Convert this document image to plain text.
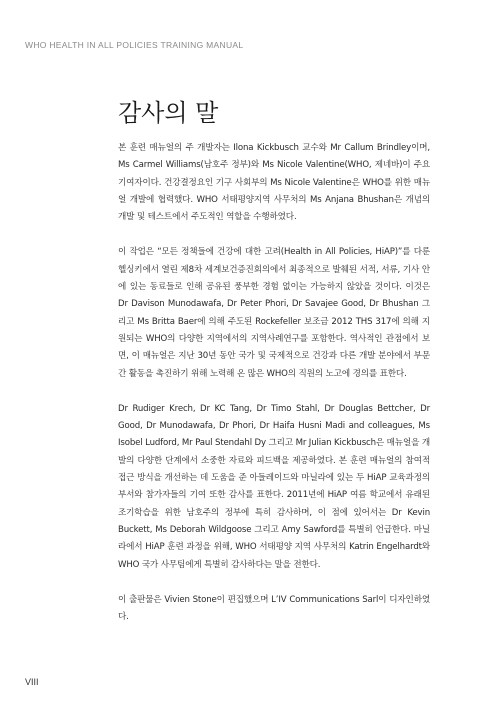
WHO HEALTH IN ALL POLICIES TRAINING MANUAL
감사의 말

본 훈련 매뉴얼의 주 개발자는 Ilona Kickbusch 교수와 Mr Callum Brindley이며, Ms Carmel Williams(남호주 정부)와 Ms Nicole Valentine(WHO, 제네바)이 주요 기여자이다. 건강결정요인 기구 사회부의 Ms Nicole Valentine은 WHO를 위한 매뉴얼 개발에 협력했다. WHO 서태평양지역 사무처의 Ms Anjana Bhushan은 개념의 개발 및 테스트에서 주도적인 역할을 수행하였다.

이 작업은 “모든 정책들에 건강에 대한 고려(Health in All Policies, HiAP)”를 다룬 헬싱키에서 열린 제8차 세계보건증진회의에서 최종적으로 발췌된 서적, 서류, 기사 안에 있는 동료들로 인해 공유된 풍부한 경험 없이는 가능하지 않았을 것이다. 이것은 Dr Davison Munodawafa, Dr Peter Phori, Dr Savajee Good, Dr Bhushan 그리고 Ms Britta Baer에 의해 주도된 Rockefeller 보조금 2012 THS 317에 의해 지원되는 WHO의 다양한 지역에서의 지역사례연구를 포함한다. 역사적인 관점에서 보면, 이 매뉴얼은 지난 30년 동안 국가 및 국제적으로 건강과 다른 개발 분야에서 부문간 활동을 촉진하기 위해 노력해 온 많은 WHO의 직원의 노고에 경의를 표한다.

Dr Rudiger Krech, Dr KC Tang, Dr Timo Stahl, Dr Douglas Bettcher, Dr Good, Dr Munodawafa, Dr Phori, Dr Haifa Husni Madi and colleagues, Ms Isobel Ludford, Mr Paul Stendahl Dy 그리고 Mr Julian Kickbusch은 매뉴얼을 개발의 다양한 단계에서 소중한 자료와 피드백을 제공하였다. 본 훈련 매뉴얼의 참여적 접근 방식을 개선하는 데 도움을 준 아들레이드와 마닐라에 있는 두 HiAP 교육과정의 부서와 참가자들의 기여 또한 감사를 표한다. 2011년에 HiAP 여름 학교에서 유래된 조기학습을 위한 남호주의 정부에 특히 감사하며, 이 점에 있어서는 Dr Kevin Buckett, Ms Deborah Wildgoose 그리고 Amy Sawford를 특별히 언급한다. 마닐라에서 HiAP 훈련 과정을 위해, WHO 서태평양 지역 사무처의 Katrin Engelhardt와 WHO 국가 사무팀에게 특별히 감사하다는 말을 전한다.

이 출판물은 Vivien Stone이 편집했으며 L’IV Communications Sarl이 디자인하였다.

VIII
